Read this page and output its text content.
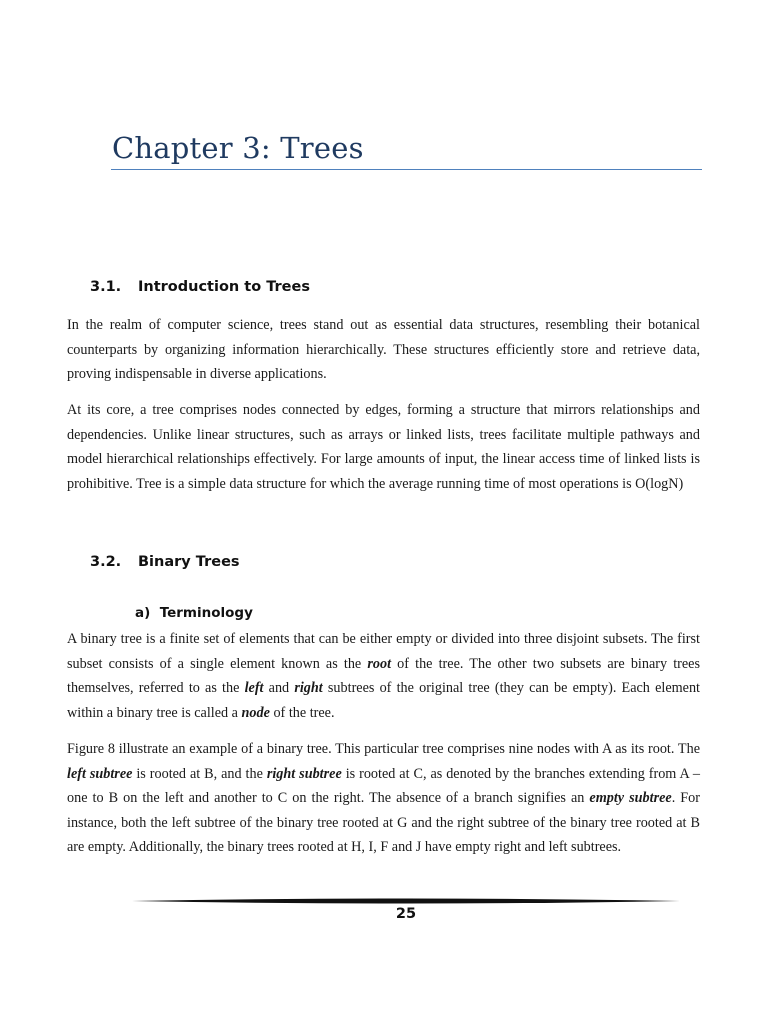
Chapter 3: Trees
3.1. Introduction to Trees

In the realm of computer science, trees stand out as essential data structures, resembling their botanical counterparts by organizing information hierarchically. These structures efficiently store and retrieve data, proving indispensable in diverse applications.

At its core, a tree comprises nodes connected by edges, forming a structure that mirrors relationships and dependencies. Unlike linear structures, such as arrays or linked lists, trees facilitate multiple pathways and model hierarchical relationships effectively. For large amounts of input, the linear access time of linked lists is prohibitive. Tree is a simple data structure for which the average running time of most operations is O(logN)

3.2. Binary Trees
a) Terminology

A binary tree is a finite set of elements that can be either empty or divided into three disjoint subsets. The first subset consists of a single element known as the root of the tree. The other two subsets are binary trees themselves, referred to as the left and right subtrees of the original tree (they can be empty). Each element within a binary tree is called a node of the tree.

Figure 8 illustrate an example of a binary tree. This particular tree comprises nine nodes with A as its root. The left subtree is rooted at B, and the right subtree is rooted at C, as denoted by the branches extending from A – one to B on the left and another to C on the right. The absence of a branch signifies an empty subtree. For instance, both the left subtree of the binary tree rooted at G and the right subtree of the binary tree rooted at B are empty. Additionally, the binary trees rooted at H, I, F and J have empty right and left subtrees.

25
